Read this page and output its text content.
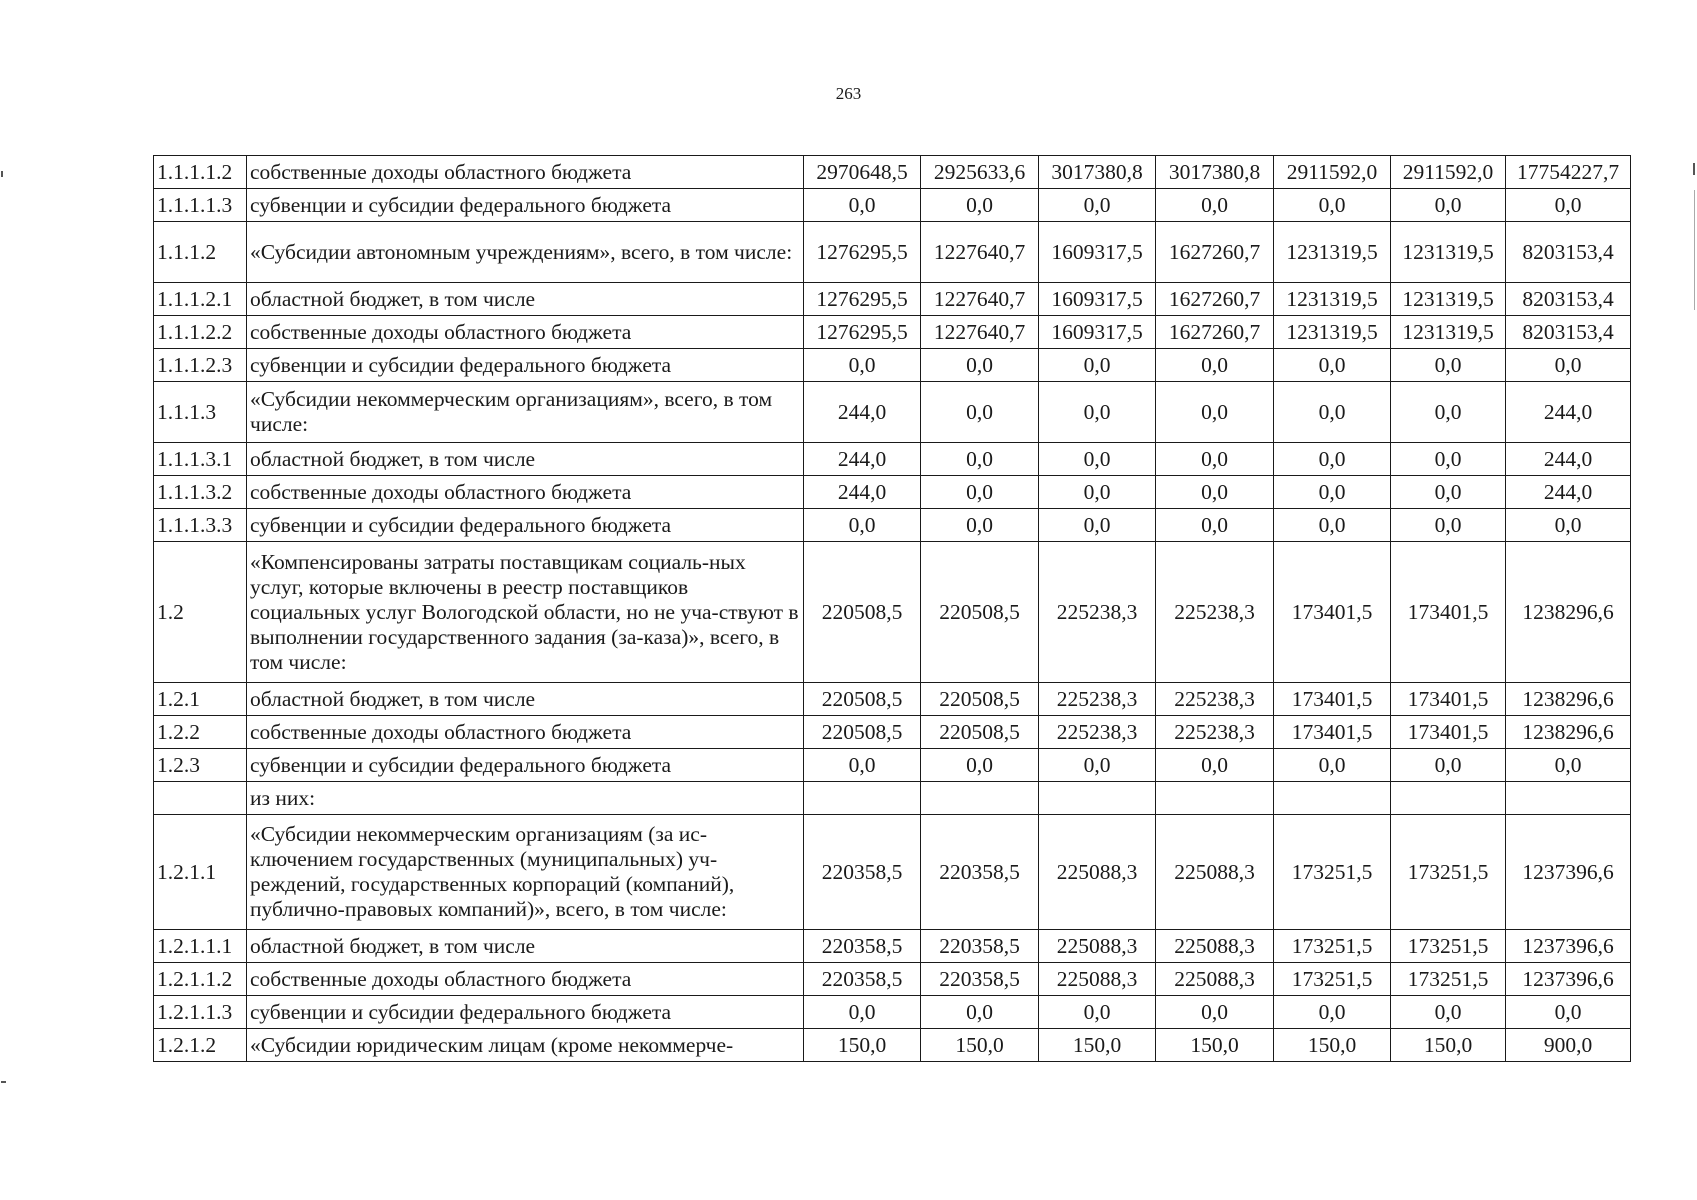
263
1.1.1.1.2	собственные доходы областного бюджета	2970648,5	2925633,6	3017380,8	3017380,8	2911592,0	2911592,0	17754227,7
1.1.1.1.3	субвенции и субсидии федерального бюджета	0,0	0,0	0,0	0,0	0,0	0,0	0,0
1.1.1.2	«Субсидии автономным учреждениям», всего, в том числе:	1276295,5	1227640,7	1609317,5	1627260,7	1231319,5	1231319,5	8203153,4
1.1.1.2.1	областной бюджет, в том числе	1276295,5	1227640,7	1609317,5	1627260,7	1231319,5	1231319,5	8203153,4
1.1.1.2.2	собственные доходы областного бюджета	1276295,5	1227640,7	1609317,5	1627260,7	1231319,5	1231319,5	8203153,4
1.1.1.2.3	субвенции и субсидии федерального бюджета	0,0	0,0	0,0	0,0	0,0	0,0	0,0
1.1.1.3	«Субсидии некоммерческим организациям», всего, в том числе:	244,0	0,0	0,0	0,0	0,0	0,0	244,0
1.1.1.3.1	областной бюджет, в том числе	244,0	0,0	0,0	0,0	0,0	0,0	244,0
1.1.1.3.2	собственные доходы областного бюджета	244,0	0,0	0,0	0,0	0,0	0,0	244,0
1.1.1.3.3	субвенции и субсидии федерального бюджета	0,0	0,0	0,0	0,0	0,0	0,0	0,0
1.2	«Компенсированы затраты поставщикам социаль-ных услуг, которые включены в реестр поставщиков социальных услуг Вологодской области, но не уча-ствуют в выполнении государственного задания (за-каза)», всего, в том числе:	220508,5	220508,5	225238,3	225238,3	173401,5	173401,5	1238296,6
1.2.1	областной бюджет, в том числе	220508,5	220508,5	225238,3	225238,3	173401,5	173401,5	1238296,6
1.2.2	собственные доходы областного бюджета	220508,5	220508,5	225238,3	225238,3	173401,5	173401,5	1238296,6
1.2.3	субвенции и субсидии федерального бюджета	0,0	0,0	0,0	0,0	0,0	0,0	0,0
	из них:							
1.2.1.1	«Субсидии некоммерческим организациям (за ис-ключением государственных (муниципальных) уч-реждений, государственных корпораций (компаний), публично-правовых компаний)», всего, в том числе:	220358,5	220358,5	225088,3	225088,3	173251,5	173251,5	1237396,6
1.2.1.1.1	областной бюджет, в том числе	220358,5	220358,5	225088,3	225088,3	173251,5	173251,5	1237396,6
1.2.1.1.2	собственные доходы областного бюджета	220358,5	220358,5	225088,3	225088,3	173251,5	173251,5	1237396,6
1.2.1.1.3	субвенции и субсидии федерального бюджета	0,0	0,0	0,0	0,0	0,0	0,0	0,0
1.2.1.2	«Субсидии юридическим лицам (кроме некоммерче-	150,0	150,0	150,0	150,0	150,0	150,0	900,0
